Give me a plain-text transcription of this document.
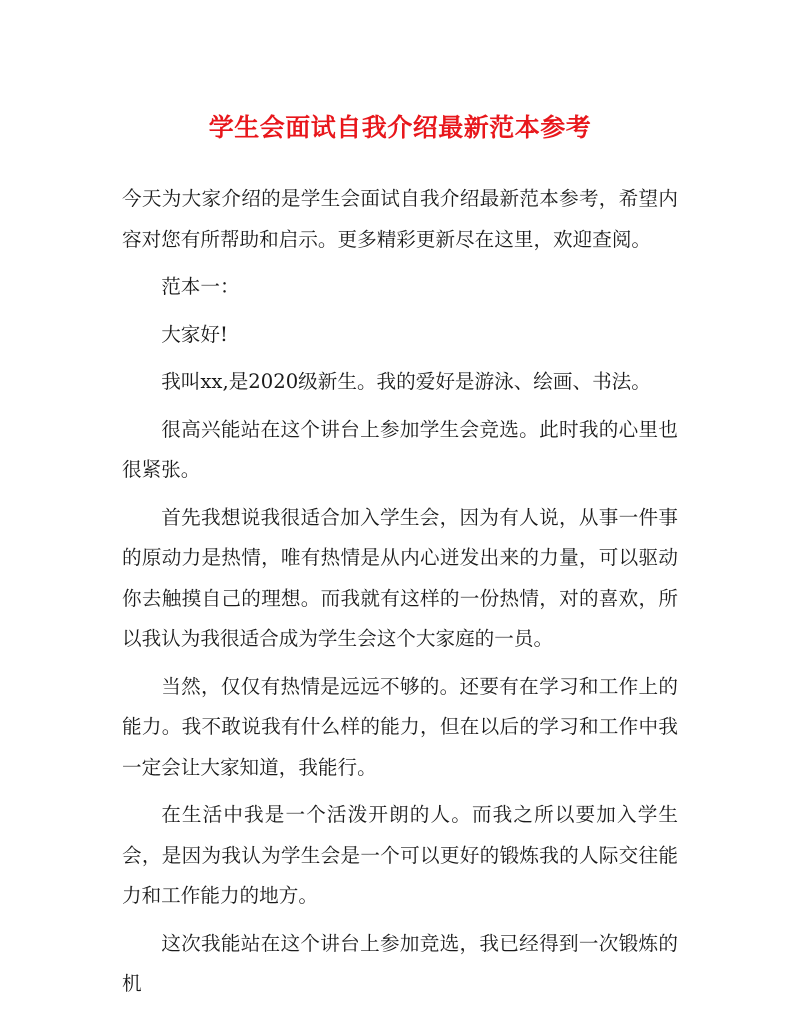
学生会面试自我介绍最新范本参考

今天为大家介绍的是学生会面试自我介绍最新范本参考，希望内容对您有所帮助和启示。更多精彩更新尽在这里，欢迎查阅。

范本一：

大家好!

我叫xx,是2020级新生。我的爱好是游泳、绘画、书法。

很高兴能站在这个讲台上参加学生会竞选。此时我的心里也很紧张。

首先我想说我很适合加入学生会，因为有人说，从事一件事的原动力是热情，唯有热情是从内心迸发出来的力量，可以驱动你去触摸自己的理想。而我就有这样的一份热情，对的喜欢，所以我认为我很适合成为学生会这个大家庭的一员。

当然，仅仅有热情是远远不够的。还要有在学习和工作上的能力。我不敢说我有什么样的能力，但在以后的学习和工作中我一定会让大家知道，我能行。

在生活中我是一个活泼开朗的人。而我之所以要加入学生会，是因为我认为学生会是一个可以更好的锻炼我的人际交往能力和工作能力的地方。

这次我能站在这个讲台上参加竞选，我已经得到一次锻炼的机
